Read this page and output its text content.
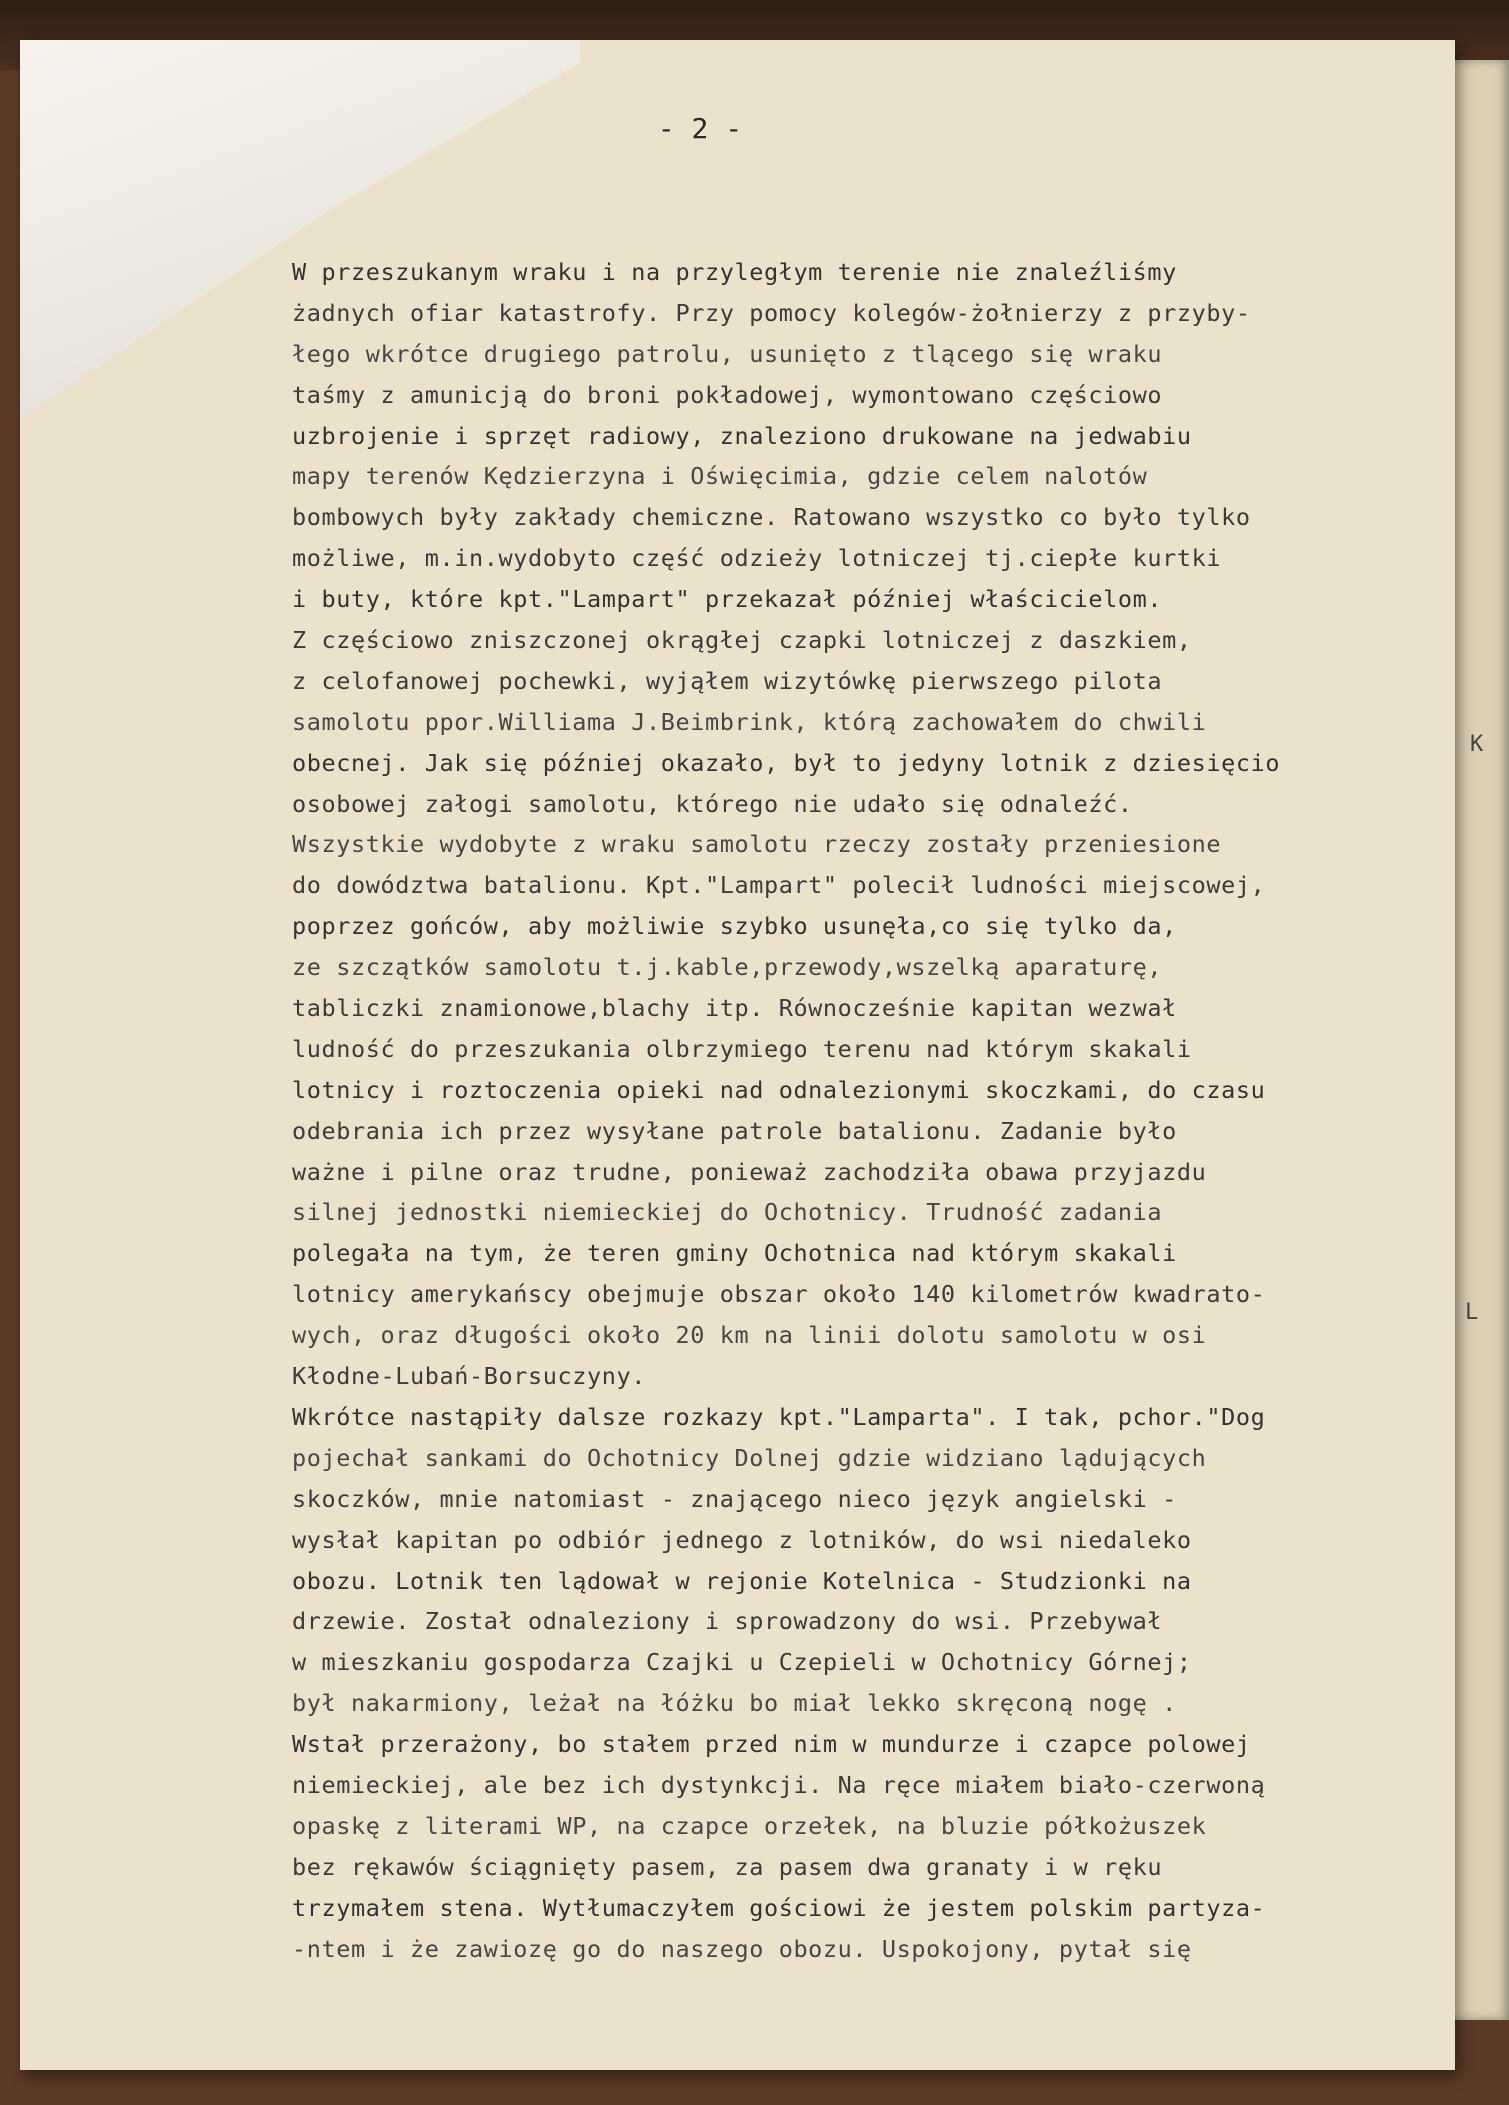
- 2 -
W przeszukanym wraku i na przyległym terenie nie znaleźliśmy
żadnych ofiar katastrofy. Przy pomocy kolegów-żołnierzy z przyby-
łego wkrótce drugiego patrolu, usunięto z tlącego się wraku
taśmy z amunicją do broni pokładowej, wymontowano częściowo
uzbrojenie i sprzęt radiowy, znaleziono drukowane na jedwabiu
mapy terenów Kędzierzyna i Oświęcimia, gdzie celem nalotów
bombowych były zakłady chemiczne. Ratowano wszystko co było tylko
możliwe, m.in.wydobyto część odzieży lotniczej tj.ciepłe kurtki
i buty, które kpt."Lampart" przekazał później właścicielom.
Z częściowo zniszczonej okrągłej czapki lotniczej z daszkiem,
z celofanowej pochewki, wyjąłem wizytówkę pierwszego pilota
samolotu ppor.Williama J.Beimbrink, którą zachowałem do chwili
obecnej. Jak się później okazało, był to jedyny lotnik z dziesięcio
osobowej załogi samolotu, którego nie udało się odnaleźć.
Wszystkie wydobyte z wraku samolotu rzeczy zostały przeniesione
do dowództwa batalionu. Kpt."Lampart" polecił ludności miejscowej,
poprzez gońców, aby możliwie szybko usunęła,co się tylko da,
ze szczątków samolotu t.j.kable,przewody,wszelką aparaturę,
tabliczki znamionowe,blachy itp. Równocześnie kapitan wezwał
ludność do przeszukania olbrzymiego terenu nad którym skakali
lotnicy i roztoczenia opieki nad odnalezionymi skoczkami, do czasu
odebrania ich przez wysyłane patrole batalionu. Zadanie było
ważne i pilne oraz trudne, ponieważ zachodziła obawa przyjazdu
silnej jednostki niemieckiej do Ochotnicy. Trudność zadania
polegała na tym, że teren gminy Ochotnica nad którym skakali
lotnicy amerykańscy obejmuje obszar około 140 kilometrów kwadrato-
wych, oraz długości około 20 km na linii dolotu samolotu w osi
Kłodne-Lubań-Borsuczyny.
Wkrótce nastąpiły dalsze rozkazy kpt."Lamparta". I tak, pchor."Dog
pojechał sankami do Ochotnicy Dolnej gdzie widziano lądujących
skoczków, mnie natomiast - znającego nieco język angielski -
wysłał kapitan po odbiór jednego z lotników, do wsi niedaleko
obozu. Lotnik ten lądował w rejonie Kotelnica - Studzionki na
drzewie. Został odnaleziony i sprowadzony do wsi. Przebywał
w mieszkaniu gospodarza Czajki u Czepieli w Ochotnicy Górnej;
był nakarmiony, leżał na łóżku bo miał lekko skręconą nogę .
Wstał przerażony, bo stałem przed nim w mundurze i czapce polowej
niemieckiej, ale bez ich dystynkcji. Na ręce miałem biało-czerwoną
opaskę z literami WP, na czapce orzełek, na bluzie półkożuszek
bez rękawów ściągnięty pasem, za pasem dwa granaty i w ręku
trzymałem stena. Wytłumaczyłem gościowi że jestem polskim partyza-
-ntem i że zawiozę go do naszego obozu. Uspokojony, pytał się
K
L
